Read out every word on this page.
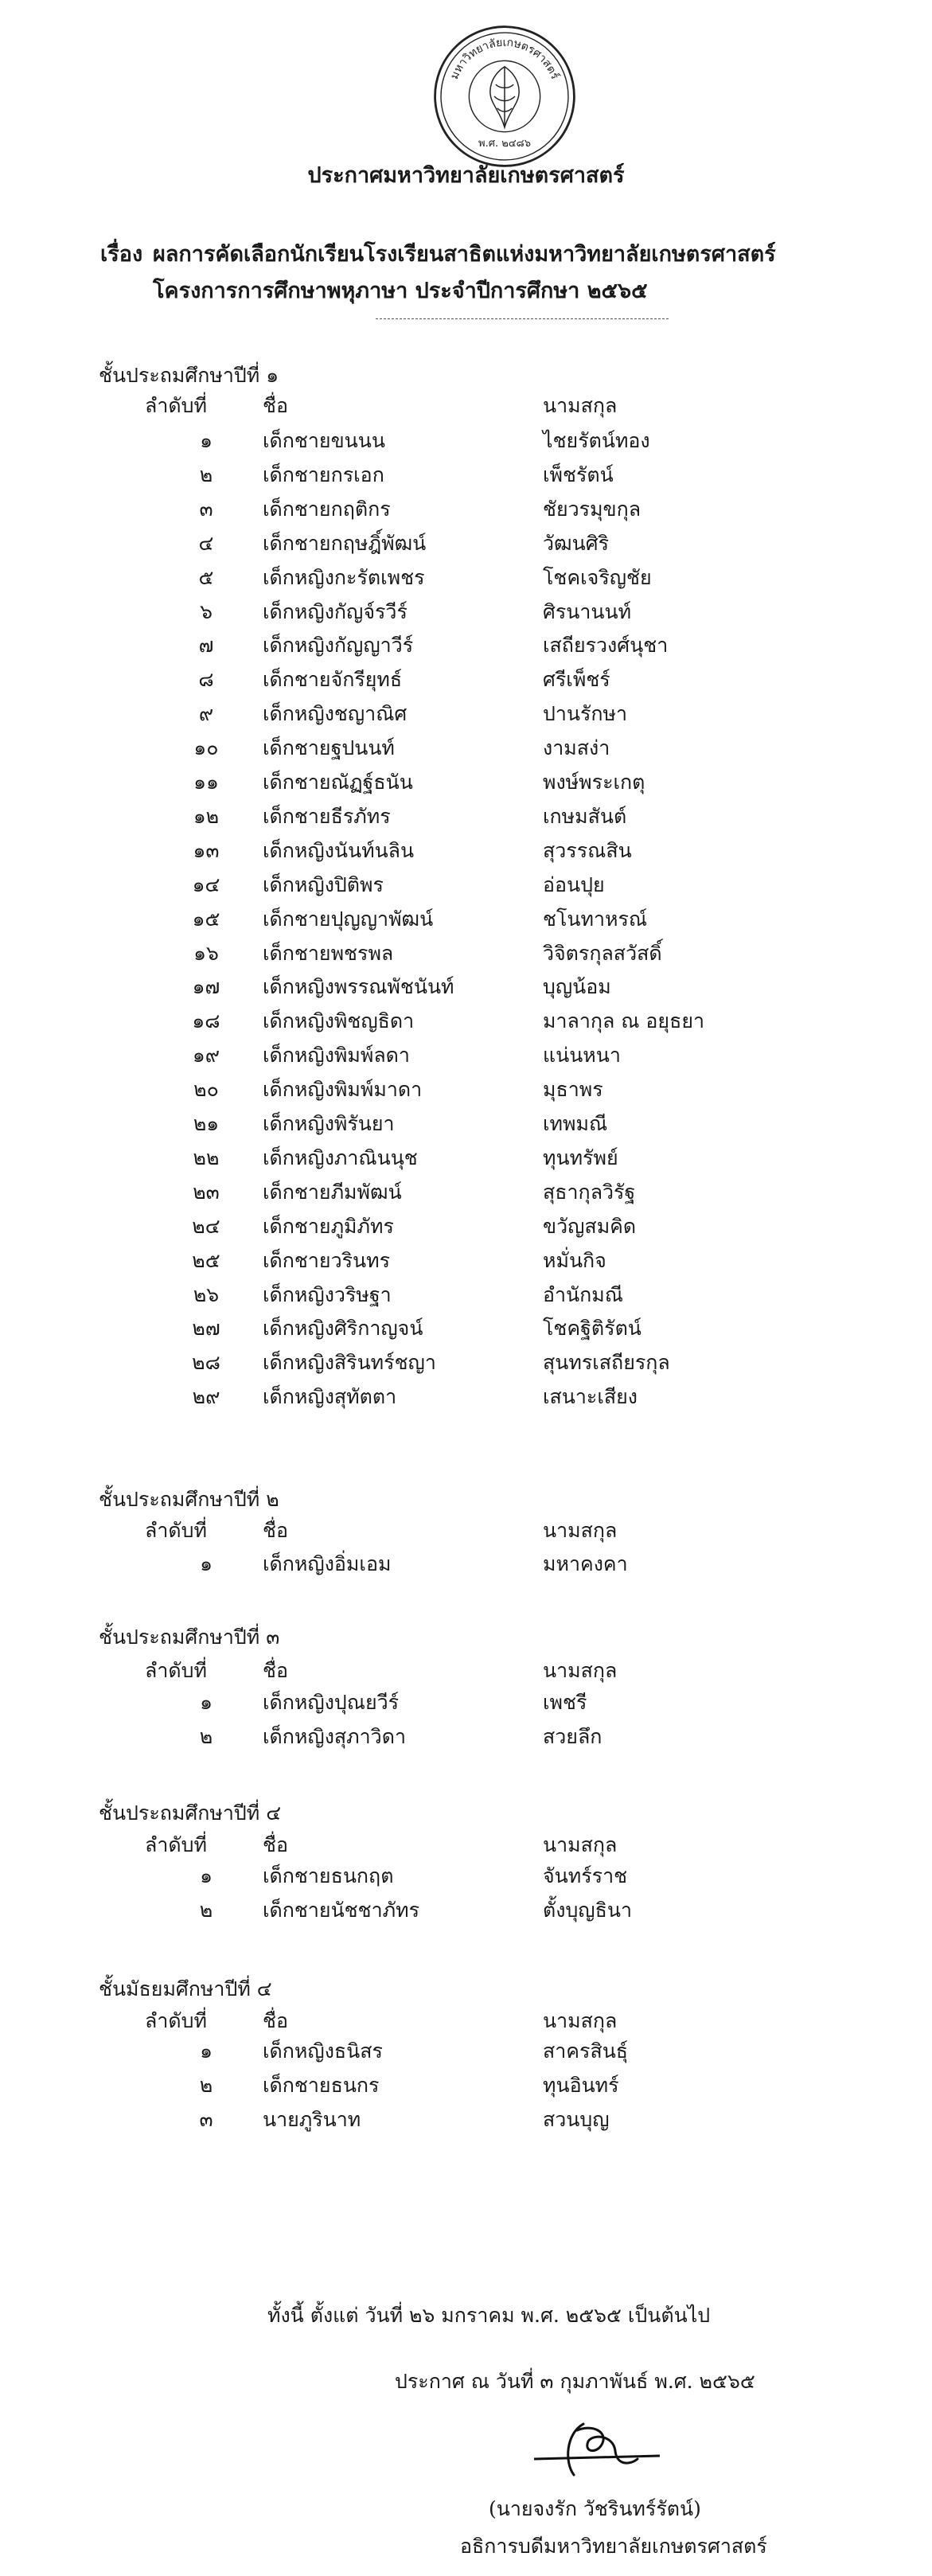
มหาวิทยาลัยเกษตรศาสตร์
พ.ศ. ๒๔๘๖
ประกาศมหาวิทยาลัยเกษตรศาสตร์
เรื่อง ผลการคัดเลือกนักเรียนโรงเรียนสาธิตแห่งมหาวิทยาลัยเกษตรศาสตร์
โครงการการศึกษาพหุภาษา ประจำปีการศึกษา ๒๕๖๕
ชั้นประถมศึกษาปีที่ ๑
ลำดับที่	ชื่อ	นามสกุล
๑	เด็กชายขนนน	ไชยรัตน์ทอง
๒	เด็กชายกรเอก	เพ็ชรัตน์
๓	เด็กชายกฤติกร	ชัยวรมุขกุล
๔	เด็กชายกฤษฎิ์พัฒน์	วัฒนศิริ
๕	เด็กหญิงกะรัตเพชร	โชคเจริญชัย
๖	เด็กหญิงกัญจ์รวีร์	ศิรนานนท์
๗	เด็กหญิงกัญญาวีร์	เสถียรวงศ์นุชา
๘	เด็กชายจักรียุทธ์	ศรีเพ็ชร์
๙	เด็กหญิงชญาณิศ	ปานรักษา
๑๐ เด็กชายฐปนนท์	งามสง่า
๑๑ เด็กชายณัฏฐ์ธนัน	พงษ์พระเกตุ
๑๒ เด็กชายธีรภัทร	เกษมสันต์
๑๓ เด็กหญิงนันท์นลิน	สุวรรณสิน
๑๔ เด็กหญิงปิติพร	อ่อนปุย
๑๕ เด็กชายปุญญาพัฒน์	ชโนทาหรณ์
๑๖ เด็กชายพชรพล	วิจิตรกุลสวัสดิ์
๑๗ เด็กหญิงพรรณพัชนันท์	บุญน้อม
๑๘ เด็กหญิงพิชญธิดา	มาลากุล ณ อยุธยา
๑๙ เด็กหญิงพิมพ์ลดา	แน่นหนา
๒๐ เด็กหญิงพิมพ์มาดา	มุธาพร
๒๑ เด็กหญิงพิรันยา	เทพมณี
๒๒ เด็กหญิงภาณินนุช	ทุนทรัพย์
๒๓ เด็กชายภีมพัฒน์	สุธากุลวิรัฐ
๒๔ เด็กชายภูมิภัทร	ขวัญสมคิด
๒๕ เด็กชายวรินทร	หมั่นกิจ
๒๖ เด็กหญิงวริษฐา	อำนักมณี
๒๗ เด็กหญิงศิริกาญจน์	โชคฐิติรัตน์
๒๘ เด็กหญิงสิรินทร์ชญา	สุนทรเสถียรกุล
๒๙ เด็กหญิงสุทัตตา	เสนาะเสียง
ชั้นประถมศึกษาปีที่ ๒
ลำดับที่	ชื่อ	นามสกุล
๑	เด็กหญิงอิ่มเอม	มหาคงคา
ชั้นประถมศึกษาปีที่ ๓
ลำดับที่	ชื่อ	นามสกุล
๑	เด็กหญิงปุณยวีร์	เพชรี
๒	เด็กหญิงสุภาวิดา	สวยลึก
ชั้นประถมศึกษาปีที่ ๔
ลำดับที่	ชื่อ	นามสกุล
๑	เด็กชายธนกฤต	จันทร์ราช
๒	เด็กชายนัชชาภัทร	ตั้งบุญธินา
ชั้นมัธยมศึกษาปีที่ ๔
ลำดับที่	ชื่อ	นามสกุล
๑	เด็กหญิงธนิสร	สาครสินธุ์
๒	เด็กชายธนกร	ทุนอินทร์
๓	นายภูรินาท	สวนบุญ
ทั้งนี้ ตั้งแต่ วันที่ ๒๖ มกราคม พ.ศ. ๒๕๖๕ เป็นต้นไป
ประกาศ ณ วันที่ ๓ กุมภาพันธ์ พ.ศ. ๒๕๖๕
(นายจงรัก วัชรินทร์รัตน์)
อธิการบดีมหาวิทยาลัยเกษตรศาสตร์
